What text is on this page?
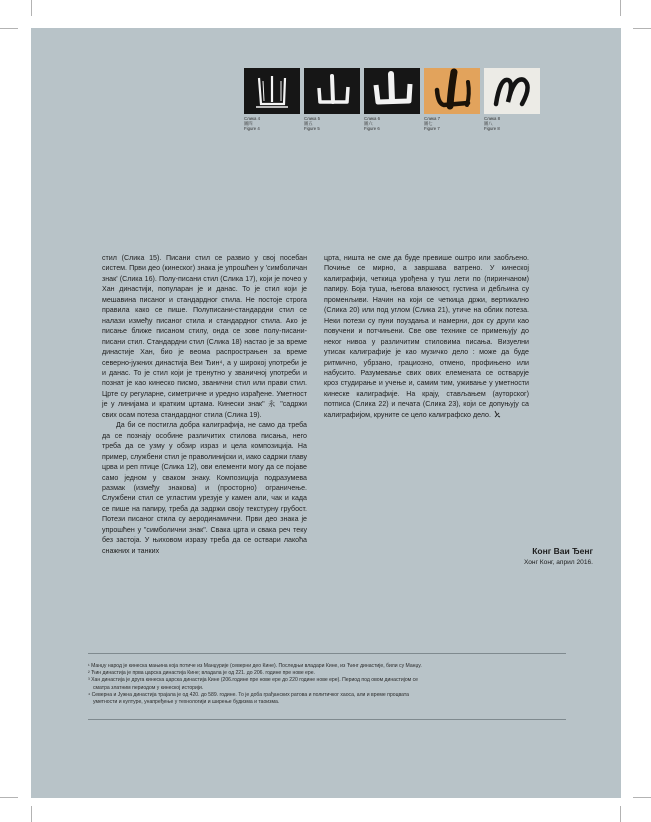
Слика 4
圖四
Figure 4
Слика 5
圖五
Figure 5
Слика 6
圖六
Figure 6
Слика 7
圖七
Figure 7
Слика 8
圖八
Figure 8

стил (Слика 15). Писани стил се развио у свој посебан систем. Први део (кинеског) знака је упрошћен у 'симболичан знак' (Слика 16). Полу-писани стил (Слика 17), који је почео у Хан династији, популаран је и данас. То је стил који је мешавина писаног и стандардног стила. Не постоје строга правила како се пише. Полуписани-стандардни стил се налази између писаног стила и стандардног стила. Ако је писање ближе писаном стилу, онда се зове полу-писани-писани стил. Стандардни стил (Слика 18) настао је за време династије Хан, био је веома распрострањен за време северно-јужних династија Веи Ђин⁴, а у широкој употреби је и данас. То је стил који је тренутно у званичној употреби и познат је као кинеско писмо, званични стил или прави стил. Црте су регуларне, симетричне и уредно израђене. Уметност је у линијама и кратким цртама. Кинески знак" 永 "садржи свих осам потеза стандардног стила (Слика 19).

Да би се постигла добра калиграфија, не само да треба да се познају особине различитих стилова писања, него треба да се узму у обзир израз и цела композиција. На пример, службени стил је праволинијски и, иако садржи главу црва и реп птице (Слика 12), ови елементи могу да се појаве само једном у сваком знаку. Композиција подразумева размак (између знакова) и (просторно) ограничење. Службени стил се угластим урезује у камен али, чак и када се пише на папиру, треба да задржи своју текстурну грубост. Потези писаног стила су аеродинамични. Први део знака је упрошћен у "симболични знак". Свака црта и свака реч теку без застоја. У њиховом изразу треба да се оствари лакоћа снажних и танких

црта, ништа не сме да буде превише оштро или заобљено. Почиње се мирно, а завршава ватрено. У кинеској калиграфији, четкица урођена у туш лети по (пиринчаном) папиру. Боја туша, његова влажност, густина и дебљина су променљиви. Начин на који се четкица држи, вертикално (Слика 20) или под углом (Слика 21), утиче на облик потеза. Неки потези су пуни поуздања и намерни, док су други као повучени и потчињени. Све ове технике се примењују до неког нивоа у различитим стиловима писања. Визуелни утисак калиграфије је као музичко дело : може да буде ритмично, убрзано, грациозно, отмено, профињено или набусито. Разумевање свих ових елемената се остварује кроз студирање и учење и, самим тим, уживање у уметности кинеске калиграфије. На крају, стављањем (ауторског) потписа (Слика 22) и печата (Слика 23), који се допуњују са калиграфијом, круните се цело калиграфско дело.

Конг Ваи Ђенг
Хонг Конг, април 2016.
¹ Манџу народ је кинеска мањина која потиче из Манџурије (северни део Кине). Последњи владари Кине, из Ћинг династије, били су Манџу.
² Ћин династија је прва царска династија Кине; владала је од 221. до 206. године пре нове ере.
³ Хан династија је друга кинеска царска династија Кине (206.године пре нове ере до 220 године нове ере). Период под овом династијом се
сматра златним периодом у кинеској историји.
⁴ Северна и Јужна династија трајала је од 420. до 589. године. То је доба грађанских ратова и политичког хаоса, али и време процвата
уметности и културе, унапређење у технологији и ширење будизма и таоизма.
